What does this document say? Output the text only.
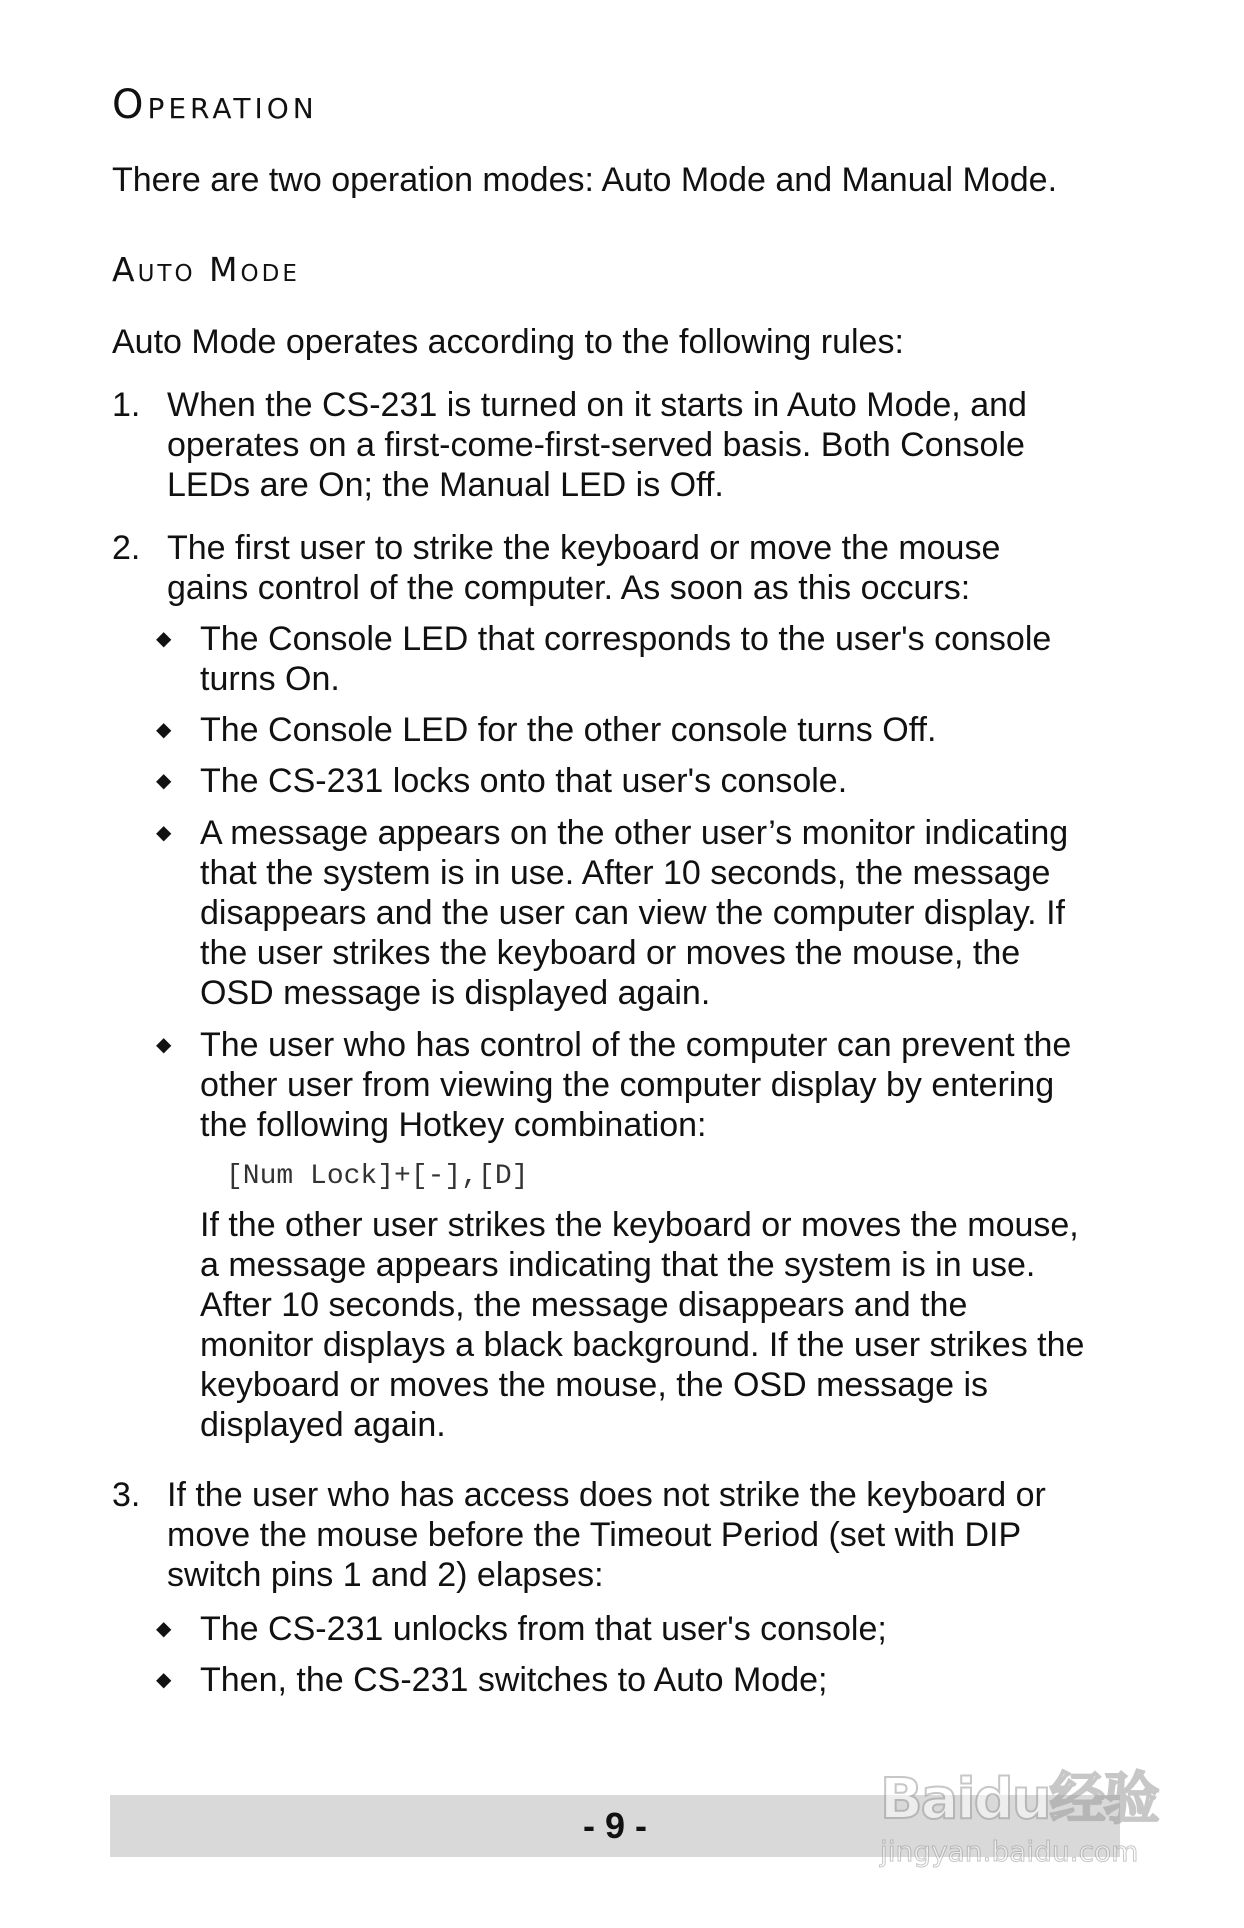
Operation

There are two operation modes: Auto Mode and Manual Mode.

Auto Mode

Auto Mode operates according to the following rules:

1. When the CS-231 is turned on it starts in Auto Mode, and
operates on a first-come-first-served basis. Both Console
LEDs are On; the Manual LED is Off.

2. The first user to strike the keyboard or move the mouse
gains control of the computer. As soon as this occurs:

◆ The Console LED that corresponds to the user's console
turns On.

◆ The Console LED for the other console turns Off.

◆ The CS-231 locks onto that user's console.

◆ A message appears on the other user’s monitor indicating
that the system is in use. After 10 seconds, the message
disappears and the user can view the computer display. If
the user strikes the keyboard or moves the mouse, the
OSD message is displayed again.

◆ The user who has control of the computer can prevent the
other user from viewing the computer display by entering
the following Hotkey combination:

If the other user strikes the keyboard or moves the mouse,
a message appears indicating that the system is in use.
After 10 seconds, the message disappears and the
monitor displays a black background. If the user strikes the
keyboard or moves the mouse, the OSD message is
displayed again.

3. If the user who has access does not strike the keyboard or
move the mouse before the Timeout Period (set with DIP
switch pins 1 and 2) elapses:

◆ The CS-231 unlocks from that user's console;

◆ Then, the CS-231 switches to Auto Mode;

[Num Lock]+[-],[D]
- 9 -	Baidu经验
jingyan.baidu.com
